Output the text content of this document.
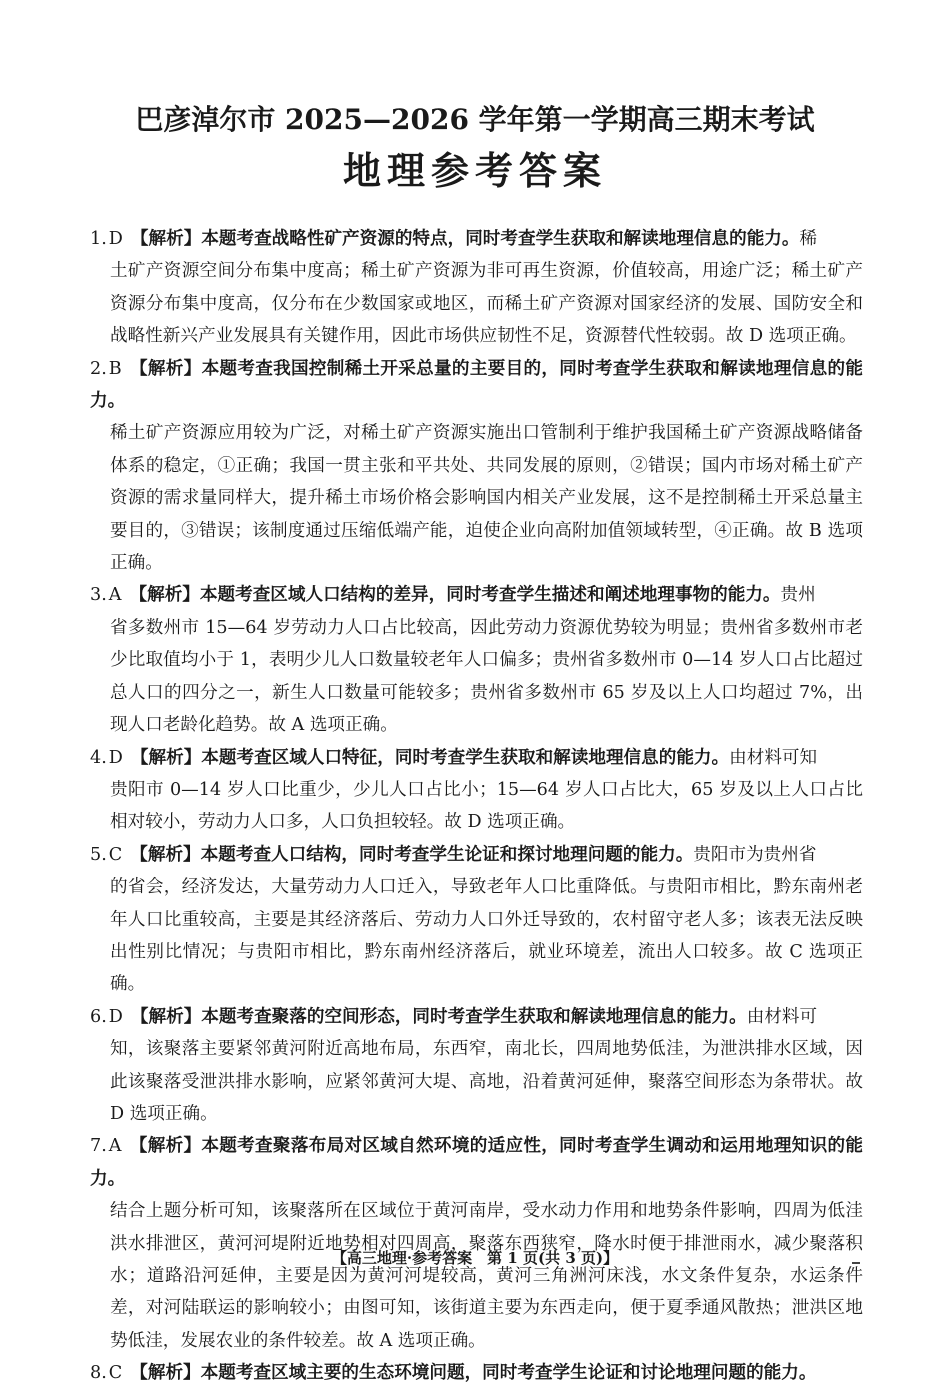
巴彦淖尔市 2025—2026 学年第一学期高三期末考试
地理参考答案

1. D 【解析】本题考查战略性矿产资源的特点，同时考查学生获取和解读地理信息的能力。稀
土矿产资源空间分布集中度高；稀土矿产资源为非可再生资源，价值较高，用途广泛；稀土矿产资源分布集中度高，仅分布在少数国家或地区，而稀土矿产资源对国家经济的发展、国防安全和战略性新兴产业发展具有关键作用，因此市场供应韧性不足，资源替代性较弱。故 D 选项正确。

2. B 【解析】本题考查我国控制稀土开采总量的主要目的，同时考查学生获取和解读地理信息的能力。
稀土矿产资源应用较为广泛，对稀土矿产资源实施出口管制利于维护我国稀土矿产资源战略储备体系的稳定，①正确；我国一贯主张和平共处、共同发展的原则，②错误；国内市场对稀土矿产资源的需求量同样大，提升稀土市场价格会影响国内相关产业发展，这不是控制稀土开采总量主要目的，③错误；该制度通过压缩低端产能，迫使企业向高附加值领域转型，④正确。故 B 选项正确。

3. A 【解析】本题考查区域人口结构的差异，同时考查学生描述和阐述地理事物的能力。贵州
省多数州市 15—64 岁劳动力人口占比较高，因此劳动力资源优势较为明显；贵州省多数州市老少比取值均小于 1，表明少儿人口数量较老年人口偏多；贵州省多数州市 0—14 岁人口占比超过总人口的四分之一，新生人口数量可能较多；贵州省多数州市 65 岁及以上人口均超过 7%，出现人口老龄化趋势。故 A 选项正确。

4. D 【解析】本题考查区域人口特征，同时考查学生获取和解读地理信息的能力。由材料可知
贵阳市 0—14 岁人口比重少，少儿人口占比小；15—64 岁人口占比大，65 岁及以上人口占比相对较小，劳动力人口多，人口负担较轻。故 D 选项正确。

5. C 【解析】本题考查人口结构，同时考查学生论证和探讨地理问题的能力。贵阳市为贵州省
的省会，经济发达，大量劳动力人口迁入，导致老年人口比重降低。与贵阳市相比，黔东南州老年人口比重较高，主要是其经济落后、劳动力人口外迁导致的，农村留守老人多；该表无法反映出性别比情况；与贵阳市相比，黔东南州经济落后，就业环境差，流出人口较多。故 C 选项正确。

6. D 【解析】本题考查聚落的空间形态，同时考查学生获取和解读地理信息的能力。由材料可
知，该聚落主要紧邻黄河附近高地布局，东西窄，南北长，四周地势低洼，为泄洪排水区域，因此该聚落受泄洪排水影响，应紧邻黄河大堤、高地，沿着黄河延伸，聚落空间形态为条带状。故 D 选项正确。

7. A 【解析】本题考查聚落布局对区域自然环境的适应性，同时考查学生调动和运用地理知识的能力。
结合上题分析可知，该聚落所在区域位于黄河南岸，受水动力作用和地势条件影响，四周为低洼洪水排泄区，黄河河堤附近地势相对四周高，聚落东西狭窄，降水时便于排泄雨水，减少聚落积水；道路沿河延伸，主要是因为黄河河堤较高，黄河三角洲河床浅，水文条件复杂，水运条件差，对河陆联运的影响较小；由图可知，该街道主要为东西走向，便于夏季通风散热；泄洪区地势低洼，发展农业的条件较差。故 A 选项正确。

8. C 【解析】本题考查区域主要的生态环境问题，同时考查学生论证和讨论地理问题的能力。

【高三地理·参考答案　第 1 页(共 3 页)】
